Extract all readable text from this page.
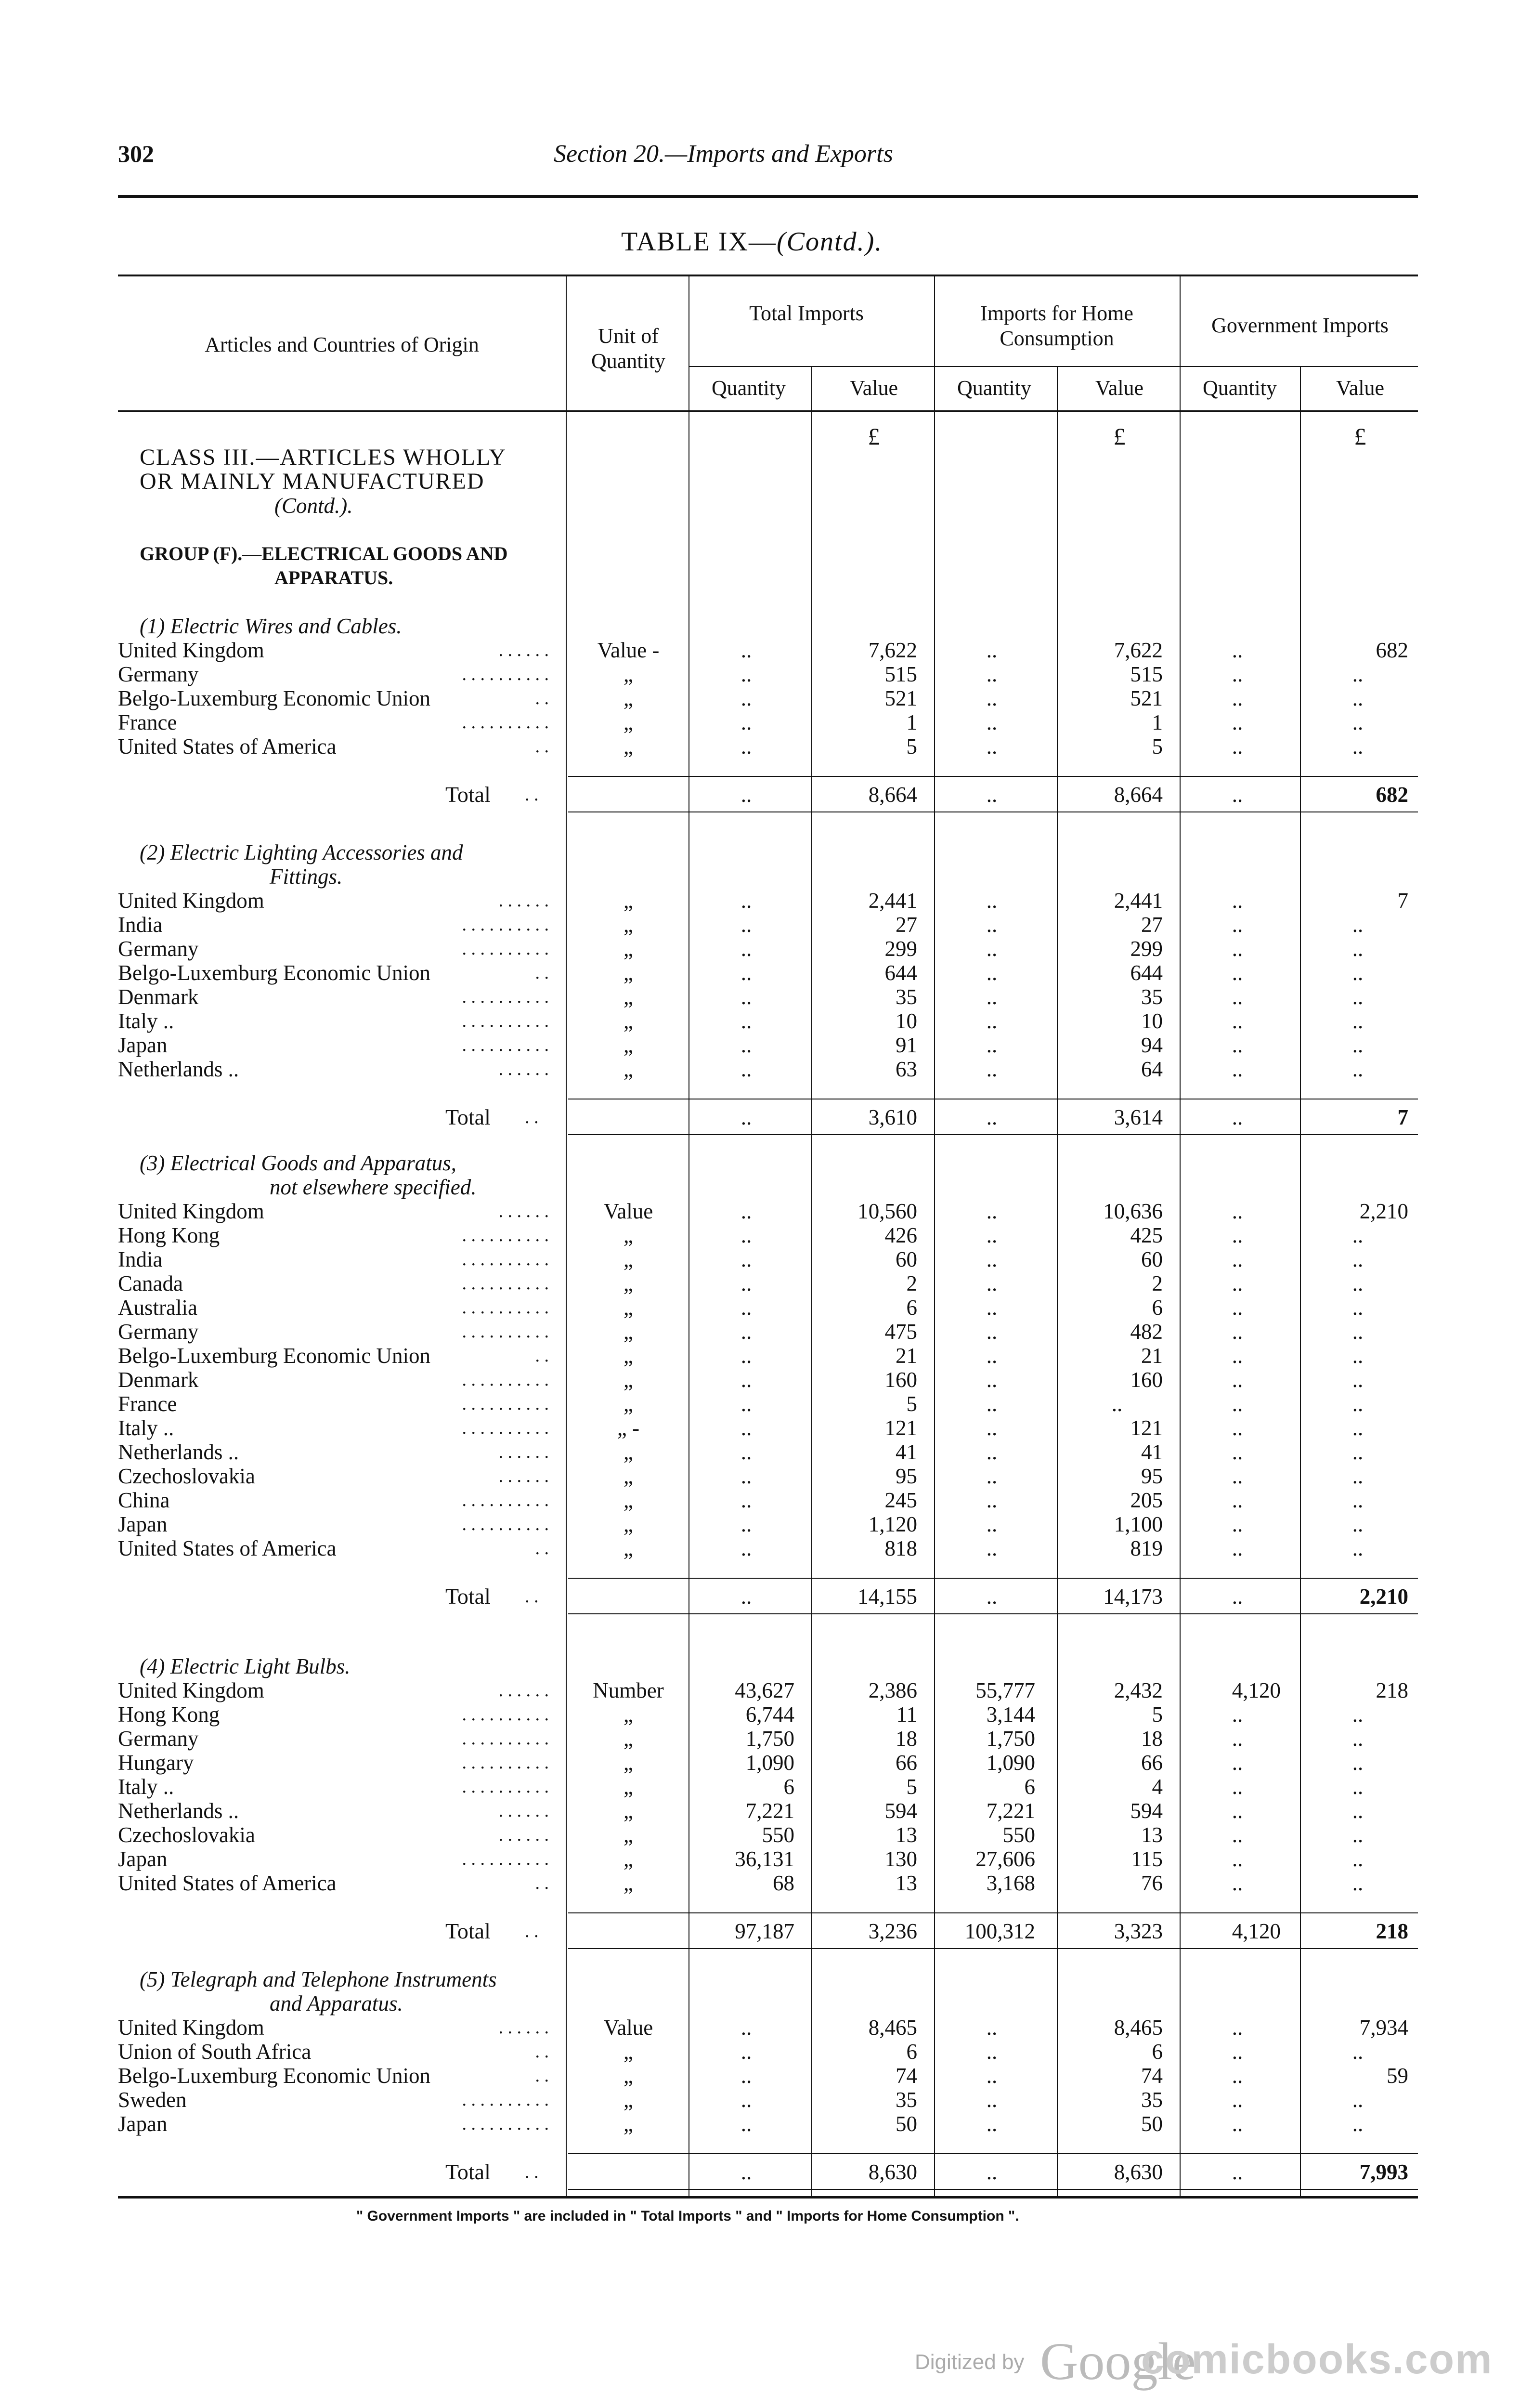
302	Section 20.—Imports and Exports
TABLE IX—(Contd.).
Articles and Countries of Origin	Unit of Quantity
Total Imports	Imports for Home Consumption
Government Imports
Quantity	Value	Quantity	Value	Quantity	Value
£	£	£
CLASS III.—ARTICLES WHOLLY
OR MAINLY MANUFACTURED
(Contd.).
GROUP (F).—ELECTRICAL GOODS AND
APPARATUS.
(1) Electric Wires and Cables.
United Kingdom	. . . . . .	Value -	..	7,622	..	7,622	..	682
Germany	. . . . . . . . . .	„	..	515	..	515	..	..
Belgo-Luxemburg Economic Union	. .	„	..	521	..	521	..	..
France	. . . . . . . . . .	„	..	1	..	1	..	..
United States of America	. .	„	..	5	..	5	..	..
Total . .	..	8,664	..	8,664	..	682
(2) Electric Lighting Accessories and
Fittings.
United Kingdom	. . . . . .	„	..	2,441	..	2,441	..	7
India	. . . . . . . . . .	„	..	27	..	27	..	..
Germany	. . . . . . . . . .	„	..	299	..	299	..	..
Belgo-Luxemburg Economic Union	. .	„	..	644	..	644	..	..
Denmark	. . . . . . . . . .	„	..	35	..	35	..	..
Italy ..	. . . . . . . . . .	„	..	10	..	10	..	..
Japan	. . . . . . . . . .	„	..	91	..	94	..	..
Netherlands ..	. . . . . .	„	..	63	..	64	..	..
Total . .	..	3,610	..	3,614	..	7
(3) Electrical Goods and Apparatus,
not elsewhere specified.
United Kingdom	. . . . . .	Value	..	10,560	..	10,636	..	2,210
Hong Kong	. . . . . . . . . .	„	..	426	..	425	..	..
India	. . . . . . . . . .	„	..	60	..	60	..	..
Canada	. . . . . . . . . .	„	..	2	..	2	..	..
Australia	. . . . . . . . . .	„	..	6	..	6	..	..
Germany	. . . . . . . . . .	„	..	475	..	482	..	..
Belgo-Luxemburg Economic Union	. .	„	..	21	..	21	..	..
Denmark	. . . . . . . . . .	„	..	160	..	160	..	..
France	. . . . . . . . . .	„	..	5	..	..	..	..
Italy ..	. . . . . . . . . .	„ -	..	121	..	121	..	..
Netherlands ..	. . . . . .	„	..	41	..	41	..	..
Czechoslovakia	. . . . . .	„	..	95	..	95	..	..
China	. . . . . . . . . .	„	..	245	..	205	..	..
Japan	. . . . . . . . . .	„	..	1,120	..	1,100	..	..
United States of America	. .	„	..	818	..	819	..	..
Total . .	..	14,155	..	14,173	..	2,210
(4) Electric Light Bulbs.
United Kingdom	. . . . . .	Number	43,627	2,386	55,777	2,432	4,120	218
Hong Kong	. . . . . . . . . .	„	6,744	11	3,144	5	..	..
Germany	. . . . . . . . . .	„	1,750	18	1,750	18	..	..
Hungary	. . . . . . . . . .	„	1,090	66	1,090	66	..	..
Italy ..	. . . . . . . . . .	„	6	5	6	4	..	..
Netherlands ..	. . . . . .	„	7,221	594	7,221	594	..	..
Czechoslovakia	. . . . . .	„	550	13	550	13	..	..
Japan	. . . . . . . . . .	„	36,131	130	27,606	115	..	..
United States of America	. .	„	68	13	3,168	76	..	..
Total . .	97,187	3,236	100,312	3,323	4,120	218
(5) Telegraph and Telephone Instruments
and Apparatus.
United Kingdom	. . . . . .	Value	..	8,465	..	8,465	..	7,934
Union of South Africa	. .	„	..	6	..	6	..	..
Belgo-Luxemburg Economic Union	. .	„	..	74	..	74	..	59
Sweden	. . . . . . . . . .	„	..	35	..	35	..	..
Japan	. . . . . . . . . .	„	..	50	..	50	..	..
Total . .	..	8,630	..	8,630	..	7,993
" Government Imports " are included in " Total Imports " and " Imports for Home Consumption ".
Digitized by Google
comicbooks.com
